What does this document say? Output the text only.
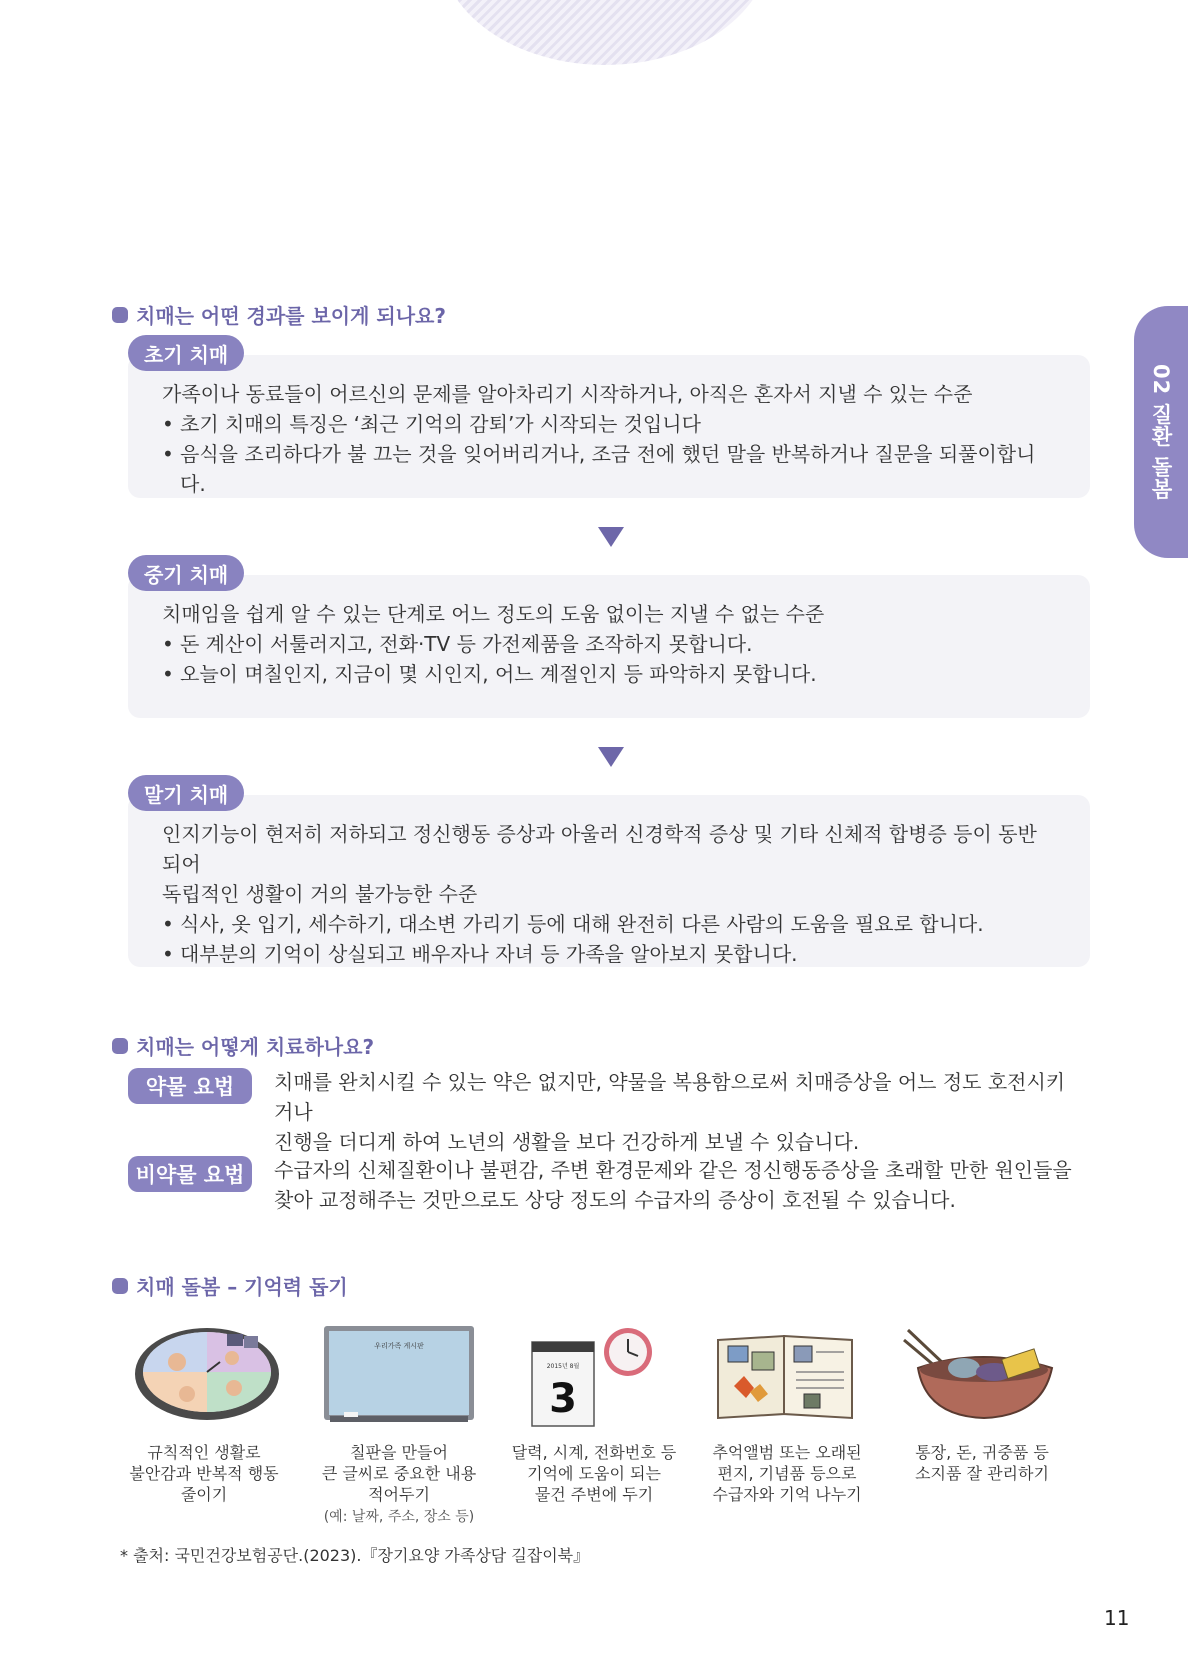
02 질환 돌봄
치매는 어떤 경과를 보이게 되나요?
가족이나 동료들이 어르신의 문제를 알아차리기 시작하거나, 아직은 혼자서 지낼 수 있는 수준
• 초기 치매의 특징은 ‘최근 기억의 감퇴’가 시작되는 것입니다
• 음식을 조리하다가 불 끄는 것을 잊어버리거나, 조금 전에 했던 말을 반복하거나 질문을 되풀이합니다.
초기 치매
치매임을 쉽게 알 수 있는 단계로 어느 정도의 도움 없이는 지낼 수 없는 수준
• 돈 계산이 서툴러지고, 전화·TV 등 가전제품을 조작하지 못합니다.
• 오늘이 며칠인지, 지금이 몇 시인지, 어느 계절인지 등 파악하지 못합니다.
중기 치매
인지기능이 현저히 저하되고 정신행동 증상과 아울러 신경학적 증상 및 기타 신체적 합병증 등이 동반되어
독립적인 생활이 거의 불가능한 수준
• 식사, 옷 입기, 세수하기, 대소변 가리기 등에 대해 완전히 다른 사람의 도움을 필요로 합니다.
• 대부분의 기억이 상실되고 배우자나 자녀 등 가족을 알아보지 못합니다.
말기 치매
치매는 어떻게 치료하나요?
약물 요법	치매를 완치시킬 수 있는 약은 없지만, 약물을 복용함으로써 치매증상을 어느 정도 호전시키거나
진행을 더디게 하여 노년의 생활을 보다 건강하게 보낼 수 있습니다.
비약물 요법	수급자의 신체질환이나 불편감, 주변 환경문제와 같은 정신행동증상을 초래할 만한 원인들을
찾아 교정해주는 것만으로도 상당 정도의 수급자의 증상이 호전될 수 있습니다.
치매 돌봄 – 기억력 돕기
우리가족 게시판
2015년 8월
3
규칙적인 생활로
불안감과 반복적 행동
줄이기
칠판을 만들어
큰 글씨로 중요한 내용
적어두기
(예: 날짜, 주소, 장소 등)
달력, 시계, 전화번호 등
기억에 도움이 되는
물건 주변에 두기
추억앨범 또는 오래된
편지, 기념품 등으로
수급자와 기억 나누기
통장, 돈, 귀중품 등
소지품 잘 관리하기
* 출처: 국민건강보험공단.(2023).『장기요양 가족상담 길잡이북』
11
